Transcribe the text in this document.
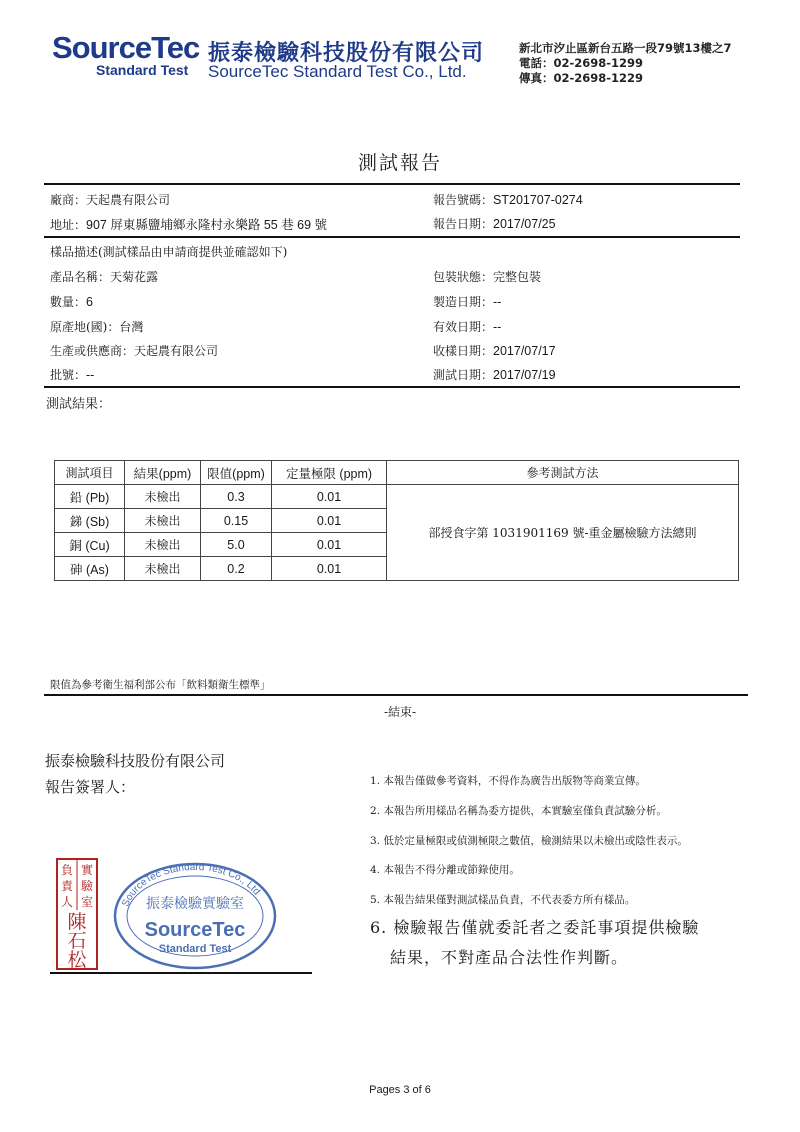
SourceTec
Standard Test
振泰檢驗科技股份有限公司
SourceTec Standard Test Co., Ltd.
新北市汐止區新台五路一段79號13樓之7
電話：02-2698-1299
傳真：02-2698-1229
測試報告
廠商：天起農有限公司
地址：907 屏東縣鹽埔鄉永隆村永樂路 55 巷 69 號
報告號碼：ST201707-0274
報告日期：2017/07/25
樣品描述(測試樣品由申請商提供並確認如下)
產品名稱：天菊花露
數量：6
原產地(國)：台灣
生產或供應商：天起農有限公司
批號：--
包裝狀態：完整包裝
製造日期：--
有效日期：--
收樣日期：2017/07/17
測試日期：2017/07/19
測試結果：
測試項目	結果(ppm)	限值(ppm)	定量極限 (ppm)	參考測試方法
鉛 (Pb)	未檢出	0.3	0.01	部授食字第 1031901169 號-重金屬檢驗方法總則
銻 (Sb)	未檢出	0.15	0.01	
銅 (Cu)	未檢出	5.0	0.01	
砷 (As)	未檢出	0.2	0.01	
限值為參考衛生福利部公布「飲料類衛生標準」
-結束-
振泰檢驗科技股份有限公司
報告簽署人：
負
責
人
實
驗
室
陳
石
松
SourceTec Standard Test Co., Ltd
振泰檢驗實驗室
SourceTec
Standard Test
1. 本報告僅做參考資料，不得作為廣告出版物等商業宣傳。
2. 本報告所用樣品名稱為委方提供，本實驗室僅負責試驗分析。
3. 低於定量極限或偵測極限之數值，檢測結果以未檢出或陰性表示。
4. 本報告不得分離或節錄使用。
5. 本報告結果僅對測試樣品負責，不代表委方所有樣品。
6. 檢驗報告僅就委託者之委託事項提供檢驗
結果，不對產品合法性作判斷。
Pages 3 of 6
